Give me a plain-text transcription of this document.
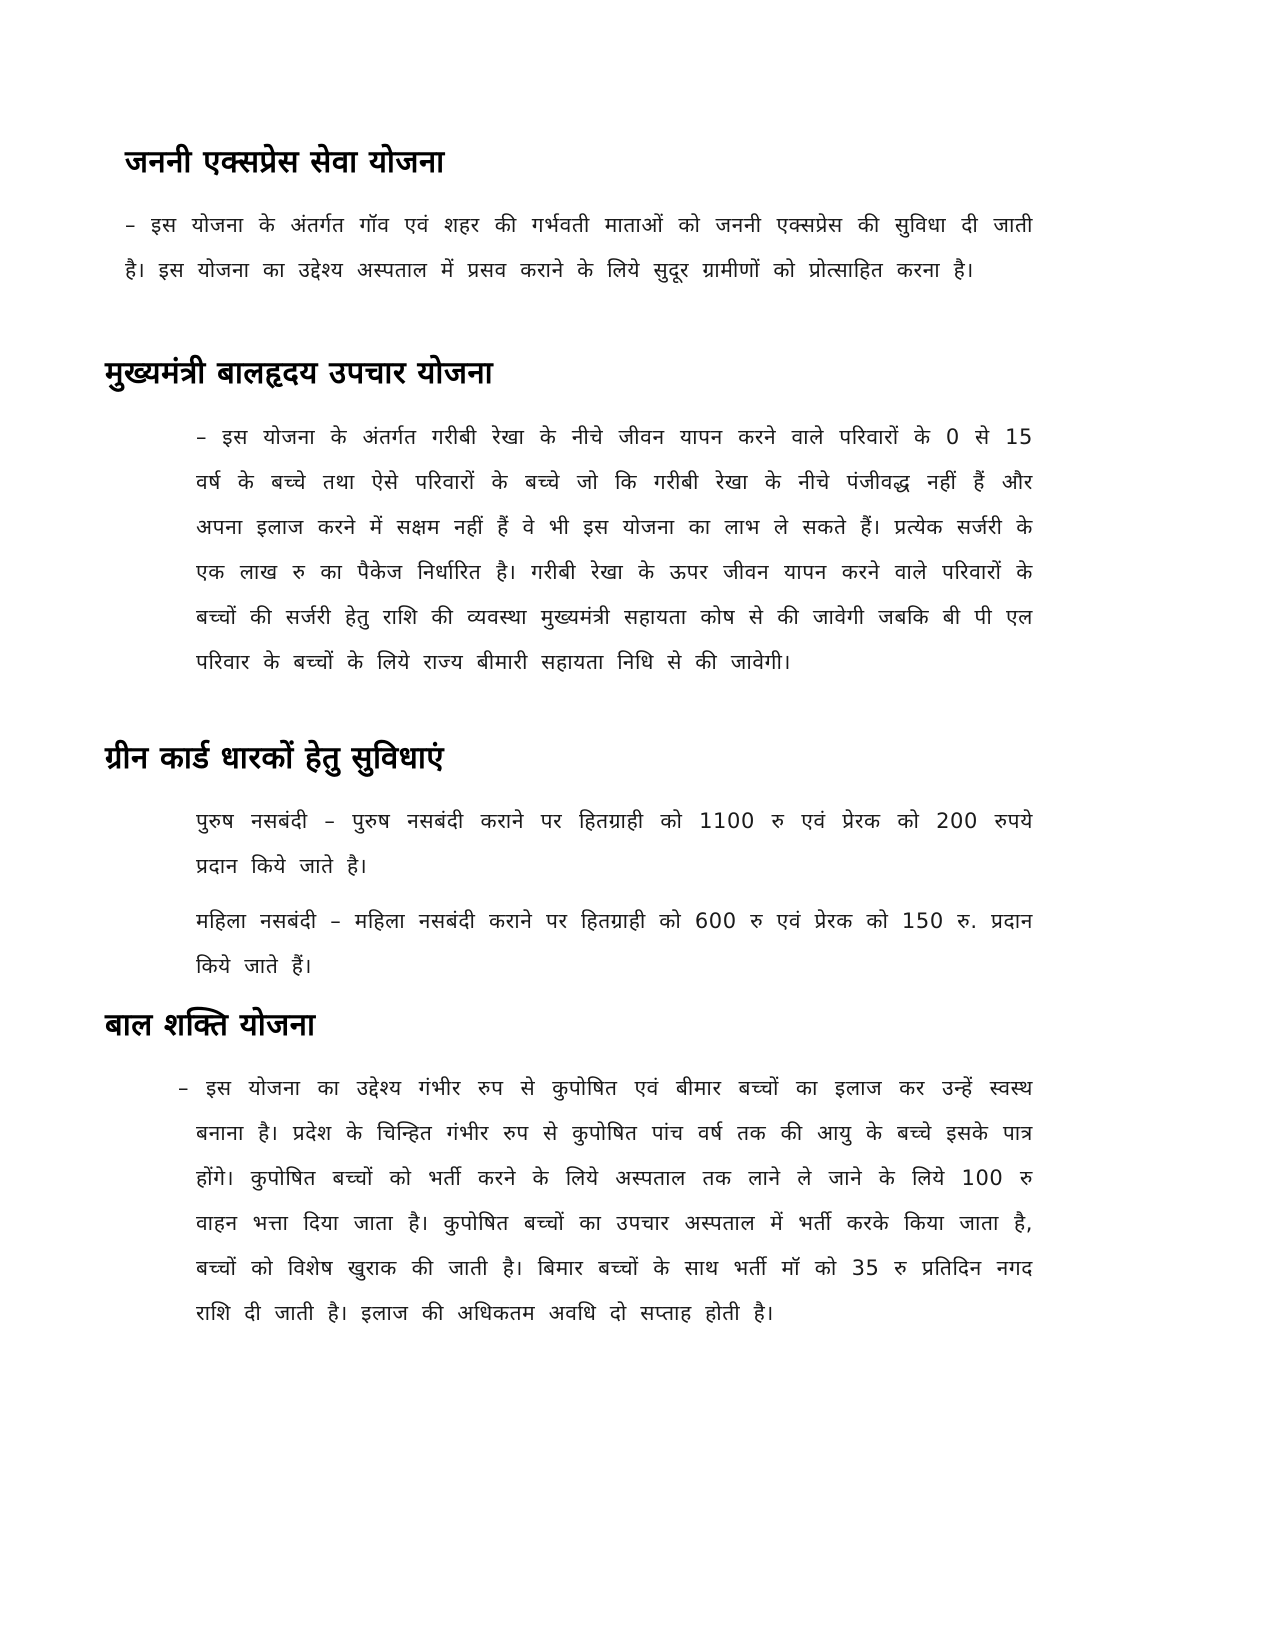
जननी एक्सप्रेस सेवा योजना

– इस योजना के अंतर्गत गॉव एवं शहर की गर्भवती माताओं को जननी एक्सप्रेस की सुविधा दी जाती है। इस योजना का उद्देश्य अस्पताल में प्रसव कराने के लिये सुदूर ग्रामीणों को प्रोत्साहित करना है।

मुख्यमंत्री बालहृदय उपचार योजना

– इस योजना के अंतर्गत गरीबी रेखा के नीचे जीवन यापन करने वाले परिवारों के 0 से 15 वर्ष के बच्चे तथा ऐसे परिवारों के बच्चे जो कि गरीबी रेखा के नीचे पंजीवद्ध नहीं हैं और अपना इलाज करने में सक्षम नहीं हैं वे भी इस योजना का लाभ ले सकते हैं। प्रत्येक सर्जरी के एक लाख रु का पैकेज निर्धारित है। गरीबी रेखा के ऊपर जीवन यापन करने वाले परिवारों के बच्चों की सर्जरी हेतु राशि की व्यवस्था मुख्यमंत्री सहायता कोष से की जावेगी जबकि बी पी एल परिवार के बच्चों के लिये राज्य बीमारी सहायता निधि से की जावेगी।

ग्रीन कार्ड धारकों हेतु सुविधाएं

पुरुष नसबंदी – पुरुष नसबंदी कराने पर हितग्राही को 1100 रु एवं प्रेरक को 200 रुपये प्रदान किये जाते है।

महिला नसबंदी – महिला नसबंदी कराने पर हितग्राही को 600 रु एवं प्रेरक को 150 रु. प्रदान किये जाते हैं।

बाल शक्ति योजना

– इस योजना का उद्देश्य गंभीर रुप से कुपोषित एवं बीमार बच्चों का इलाज कर उन्हें स्वस्थ बनाना है। प्रदेश के चिन्हित गंभीर रुप से कुपोषित पांच वर्ष तक की आयु के बच्चे इसके पात्र होंगे। कुपोषित बच्चों को भर्ती करने के लिये अस्पताल तक लाने ले जाने के लिये 100 रु वाहन भत्ता दिया जाता है। कुपोषित बच्चों का उपचार अस्पताल में भर्ती करके किया जाता है, बच्चों को विशेष खुराक की जाती है। बिमार बच्चों के साथ भर्ती मॉ को 35 रु प्रतिदिन नगद राशि दी जाती है। इलाज की अधिकतम अवधि दो सप्ताह होती है।
